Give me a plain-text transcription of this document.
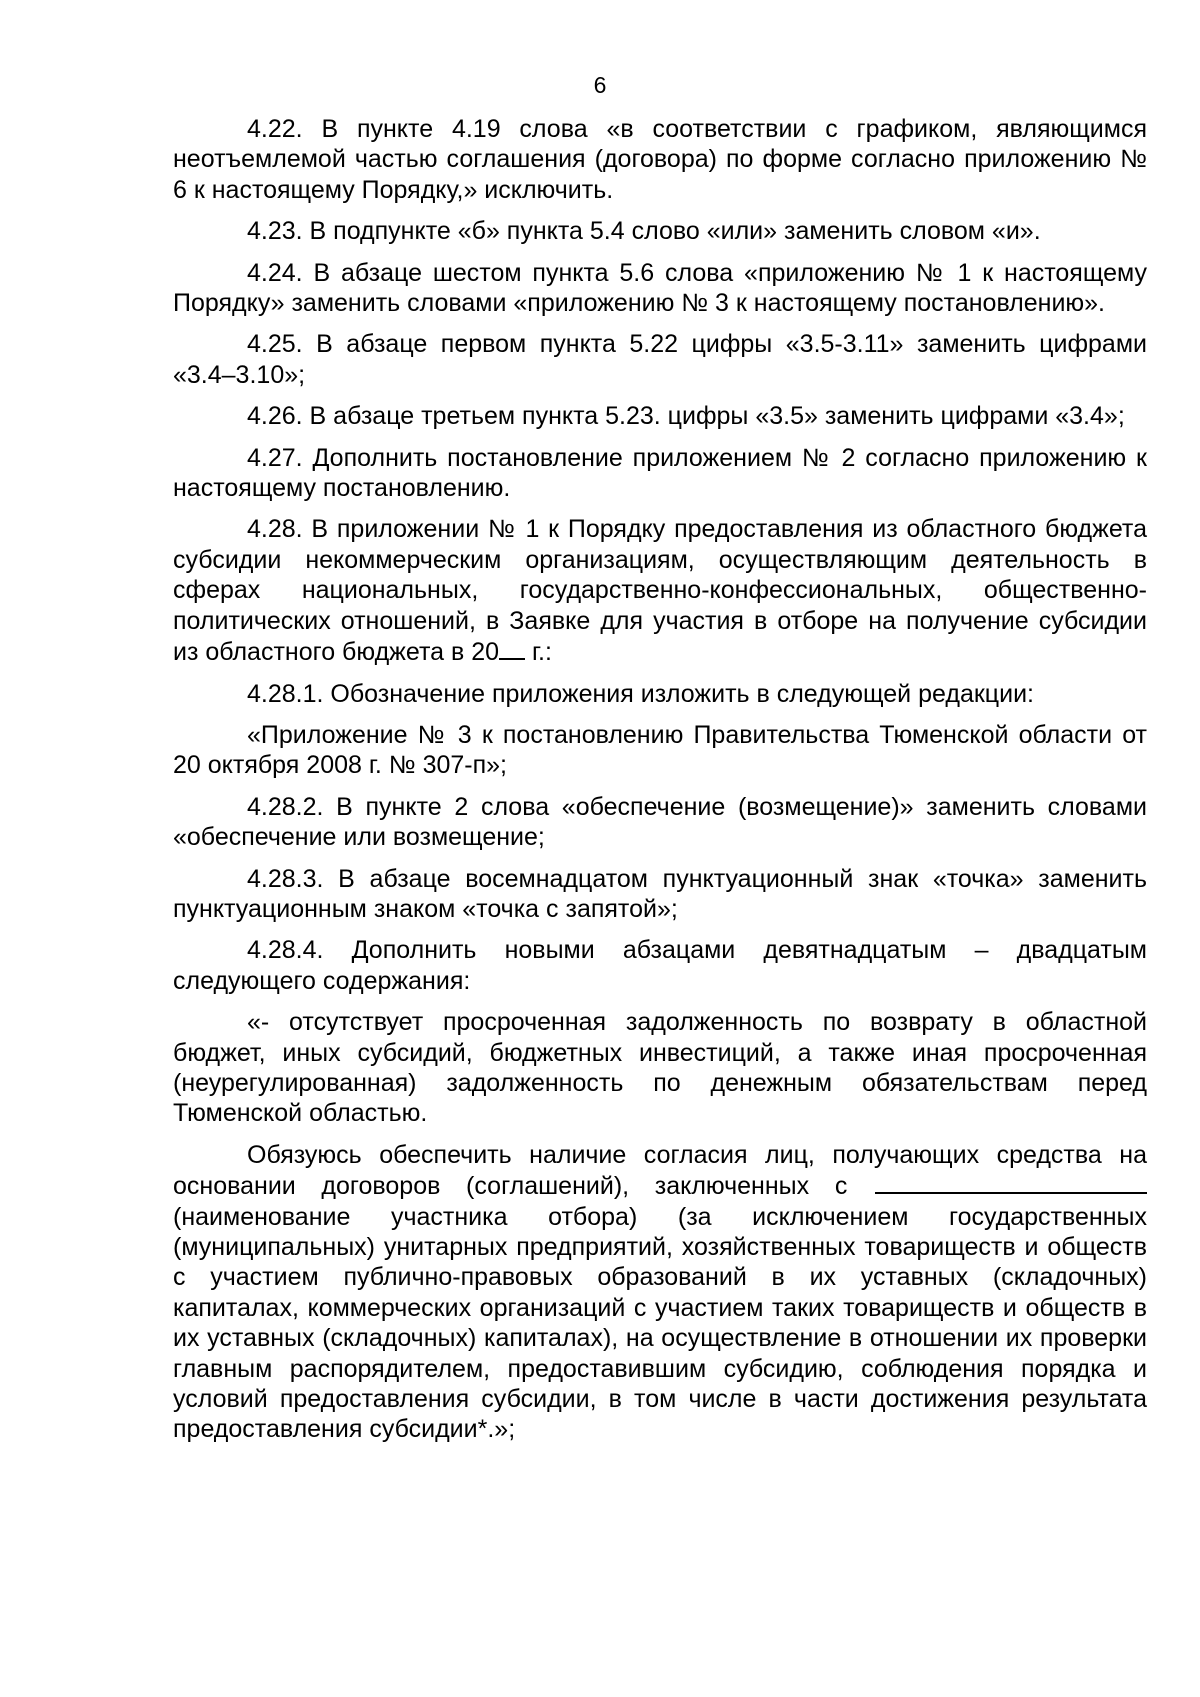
6

4.22. В пункте 4.19 слова «в соответствии с графиком, являющимся неотъемлемой частью соглашения (договора) по форме согласно приложению № 6 к настоящему Порядку,» исключить.

4.23. В подпункте «б» пункта 5.4 слово «или» заменить словом «и».

4.24. В абзаце шестом пункта 5.6 слова «приложению № 1 к настоящему Порядку» заменить словами «приложению № 3 к настоящему постановлению».

4.25. В абзаце первом пункта 5.22 цифры «3.5-3.11» заменить цифрами «3.4–3.10»;

4.26. В абзаце третьем пункта 5.23. цифры «3.5» заменить цифрами «3.4»;

4.27. Дополнить постановление приложением № 2 согласно приложению к настоящему постановлению.

4.28. В приложении № 1 к Порядку предоставления из областного бюджета субсидии некоммерческим организациям, осуществляющим деятельность в сферах национальных, государственно-конфессиональных, общественно-политических отношений, в Заявке для участия в отборе на получение субсидии из областного бюджета в 20 г.:

4.28.1. Обозначение приложения изложить в следующей редакции:

«Приложение № 3 к постановлению Правительства Тюменской области от 20 октября 2008 г. № 307-п»;

4.28.2. В пункте 2 слова «обеспечение (возмещение)» заменить словами «обеспечение или возмещение;

4.28.3. В абзаце восемнадцатом пунктуационный знак «точка» заменить пунктуационным знаком «точка с запятой»;

4.28.4. Дополнить новыми абзацами девятнадцатым – двадцатым следующего содержания:

«- отсутствует просроченная задолженность по возврату в областной бюджет, иных субсидий, бюджетных инвестиций, а также иная просроченная (неурегулированная) задолженность по денежным обязательствам перед Тюменской областью.

Обязуюсь обеспечить наличие согласия лиц, получающих средства на основании договоров (соглашений), заключенных с  (наименование участника отбора) (за исключением государственных (муниципальных) унитарных предприятий, хозяйственных товариществ и обществ с участием публично-правовых образований в их уставных (складочных) капиталах, коммерческих организаций с участием таких товариществ и обществ в их уставных (складочных) капиталах), на осуществление в отношении их проверки главным распорядителем, предоставившим субсидию, соблюдения порядка и условий предоставления субсидии, в том числе в части достижения результата предоставления субсидии*.»;
